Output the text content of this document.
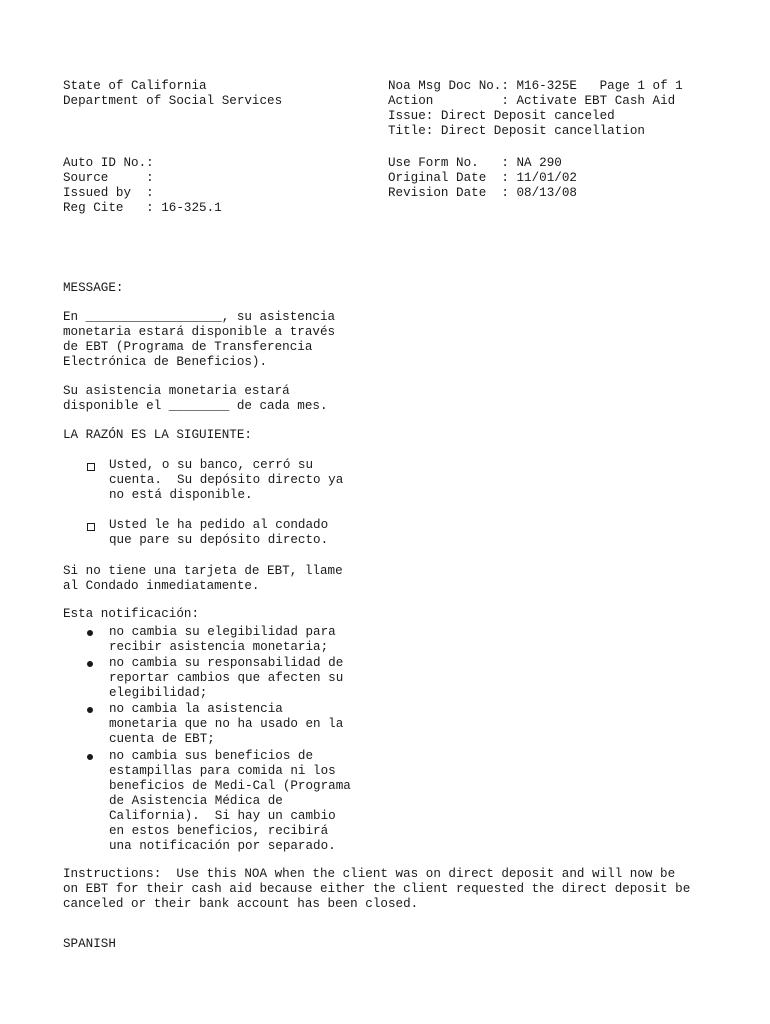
State of California
Department of Social Services
Noa Msg Doc No.: M16-325E   Page 1 of 1
Action         : Activate EBT Cash Aid
Issue: Direct Deposit canceled
Title: Direct Deposit cancellation
Auto ID No.:
Source     :
Issued by  :
Reg Cite   : 16-325.1
Use Form No.   : NA 290
Original Date  : 11/01/02
Revision Date  : 08/13/08
MESSAGE:
En __________________, su asistencia
monetaria estará disponible a través
de EBT (Programa de Transferencia
Electrónica de Beneficios).
Su asistencia monetaria estará
disponible el ________ de cada mes.
LA RAZÓN ES LA SIGUIENTE:
Usted, o su banco, cerró su
cuenta.  Su depósito directo ya
no está disponible.
Usted le ha pedido al condado
que pare su depósito directo.
Si no tiene una tarjeta de EBT, llame
al Condado inmediatamente.
Esta notificación:
no cambia su elegibilidad para
recibir asistencia monetaria;
no cambia su responsabilidad de
reportar cambios que afecten su
elegibilidad;
no cambia la asistencia
monetaria que no ha usado en la
cuenta de EBT;
no cambia sus beneficios de
estampillas para comida ni los
beneficios de Medi-Cal (Programa
de Asistencia Médica de
California).  Si hay un cambio
en estos beneficios, recibirá
una notificación por separado.
Instructions:  Use this NOA when the client was on direct deposit and will now be
on EBT for their cash aid because either the client requested the direct deposit be
canceled or their bank account has been closed.
SPANISH
